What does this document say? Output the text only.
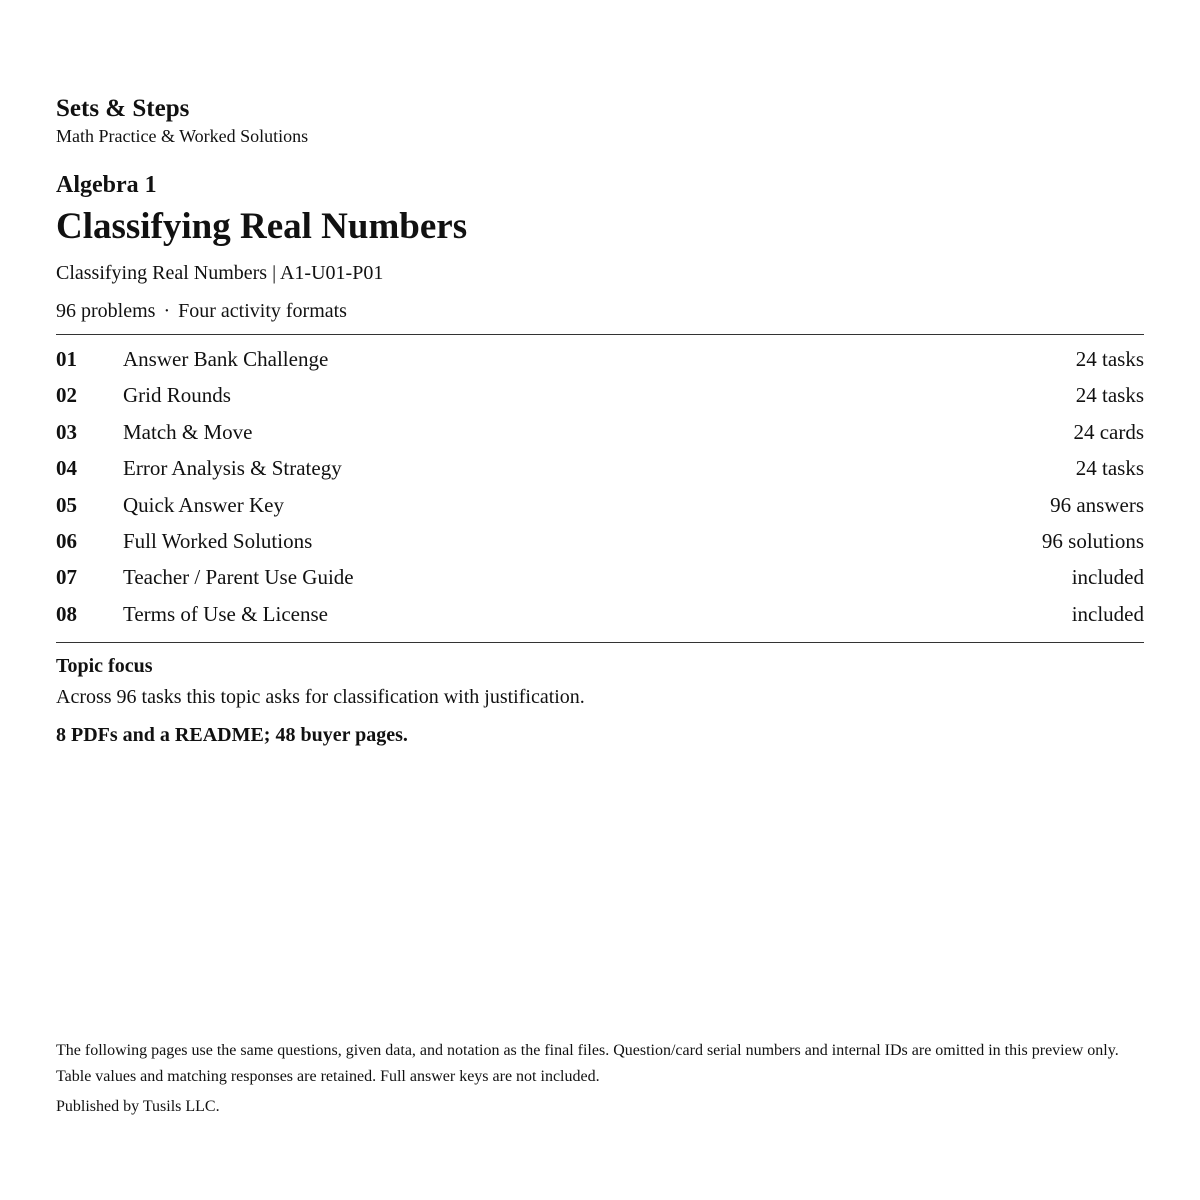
Sets & Steps

Math Practice & Worked Solutions

Algebra 1

Classifying Real Numbers

Classifying Real Numbers | A1-U01-P01

96 problems · Four activity formats

01	Answer Bank Challenge	24 tasks
02	Grid Rounds	24 tasks
03	Match & Move	24 cards
04	Error Analysis & Strategy	24 tasks
05	Quick Answer Key	96 answers
06	Full Worked Solutions	96 solutions
07	Teacher / Parent Use Guide	included
08	Terms of Use & License	included

Topic focus

Across 96 tasks this topic asks for classification with justification.

8 PDFs and a README; 48 buyer pages.

The following pages use the same questions, given data, and notation as the final files. Question/card serial numbers and internal IDs are omitted in this preview only. Table values and matching responses are retained. Full answer keys are not included.

Published by Tusils LLC.
